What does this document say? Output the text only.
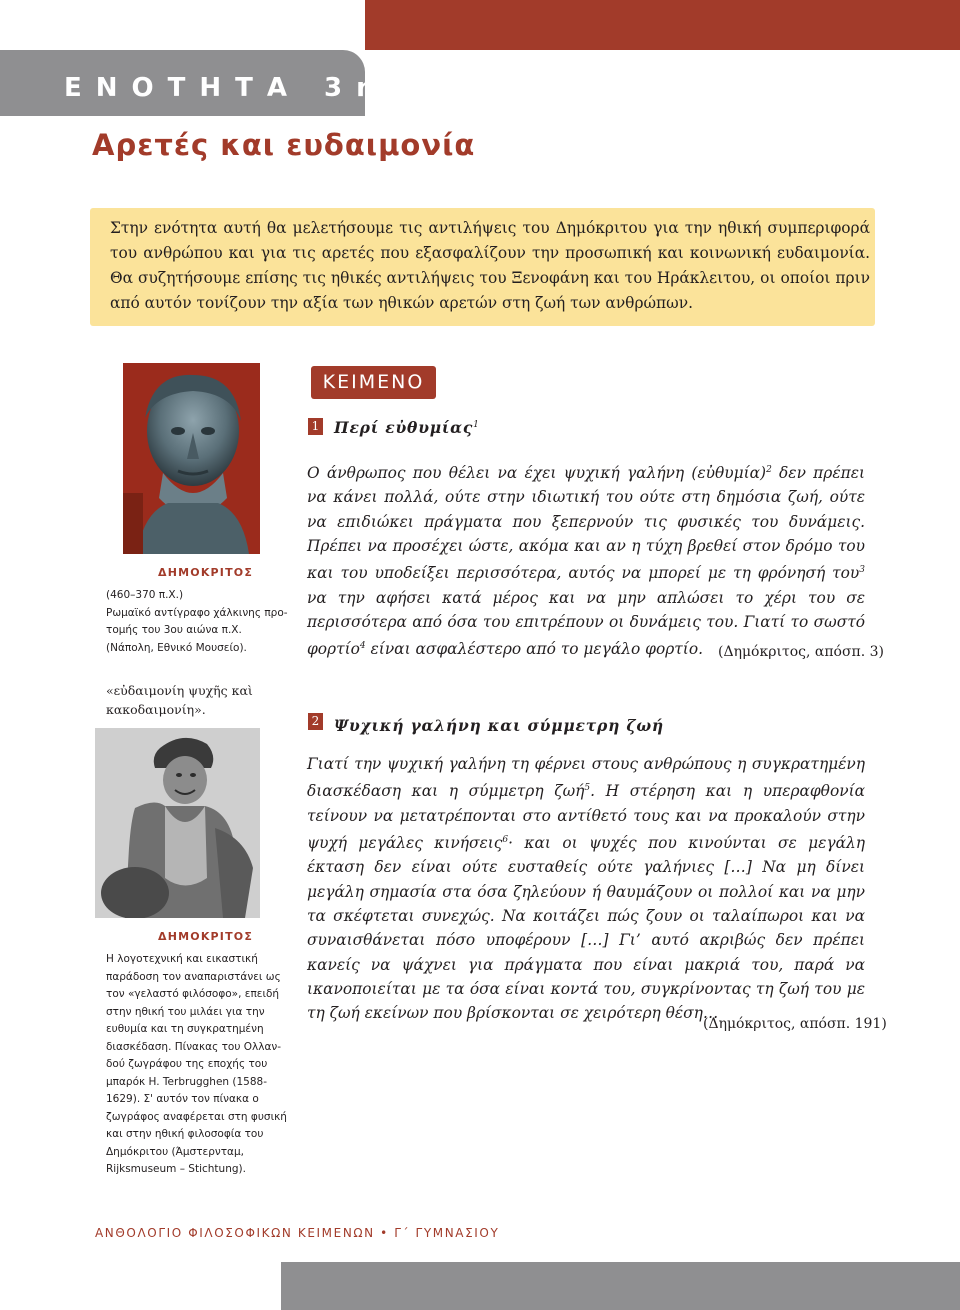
ΕΝΟΤΗΤΑ 3η
Αρετές και ευδαιμονία
Στην ενότητα αυτή θα μελετήσουμε τις αντιλήψεις του Δημόκριτου για την ηθική συμπεριφορά του ανθρώπου και για τις αρετές που εξασφαλίζουν την προσωπική και κοινωνική ευδαιμονία. Θα συζητήσουμε επίσης τις ηθικές αντιλήψεις του Ξενοφάνη και του Ηράκλειτου, οι οποίοι πριν από αυτόν τονίζουν την αξία των ηθικών αρετών στη ζωή των ανθρώπων.
ΔΗΜΟΚΡΙΤΟΣ
(460–370 π.Χ.)
Ρωμαϊκό αντίγραφο χάλκινης προ-
τομής του 3ου αιώνα π.Χ.
(Νάπολη, Εθνικό Μουσείο).
«εὐδαιμονίη ψυχῆς καὶ κακοδαιμονίη».
ΔΗΜΟΚΡΙΤΟΣ
Η λογοτεχνική και εικαστική
παράδοση τον αναπαριστάνει ως
τον «γελαστό φιλόσοφο», επειδή
στην ηθική του μιλάει για την
ευθυμία και τη συγκρατημένη
διασκέδαση. Πίνακας του Ολλαν-
δού ζωγράφου της εποχής του
μπαρόκ H. Terbrugghen (1588-
1629). Σ' αυτόν τον πίνακα ο
ζωγράφος αναφέρεται στη φυσική
και στην ηθική φιλοσοφία του
Δημόκριτου (Άμστερνταμ,
Rijksmuseum – Stichtung).
ΚΕΙΜΕΝΟ
1 Περί εὐθυμίας$^1$
Ο άνθρωπος που θέλει να έχει ψυχική γαλήνη (εὐθυμία)$^2$ δεν πρέπει να κάνει πολλά, ούτε στην ιδιωτική του ούτε στη δημόσια ζωή, ούτε να επιδιώκει πράγματα που ξεπερνούν τις φυσικές του δυνάμεις. Πρέπει να προσέχει ώστε, ακόμα και αν η τύχη βρεθεί στον δρόμο του και του υποδείξει περισσότερα, αυτός να μπορεί με τη φρόνησή του$^3$ να την αφήσει κατά μέρος και να μην απλώσει το χέρι του σε περισσότερα από όσα του επιτρέπουν οι δυνάμεις του. Γιατί το σωστό φορτίο$^4$ είναι ασφαλέστερο από το μεγάλο φορτίο.	(Δημόκριτος, απόσπ. 3)
2 Ψυχική γαλήνη και σύμμετρη ζωή
Γιατί την ψυχική γαλήνη τη φέρνει στους ανθρώπους η συγκρατημένη διασκέδαση και η σύμμετρη ζωή$^5$. Η στέρηση και η υπεραφθονία τείνουν να μετατρέπονται στο αντίθετό τους και να προκαλούν στην ψυχή μεγάλες κινήσεις$^6$· και οι ψυχές που κινούνται σε μεγάλη έκταση δεν είναι ούτε ευσταθείς ούτε γαλήνιες […] Να μη δίνει μεγάλη σημασία στα όσα ζηλεύουν ή θαυμάζουν οι πολλοί και να μην τα σκέφτεται συνεχώς. Να κοιτάζει πώς ζουν οι ταλαίπωροι και να συναισθάνεται πόσο υποφέρουν […] Γι’ αυτό ακριβώς δεν πρέπει κανείς να ψάχνει για πράγματα που είναι μακριά του, παρά να ικανοποιείται με τα όσα είναι κοντά του, συγκρίνοντας τη ζωή του με τη ζωή εκείνων που βρίσκονται σε χειρότερη θέση…
(Δημόκριτος, απόσπ. 191)
ΑΝΘΟΛΟΓΙΟ ΦΙΛΟΣΟΦΙΚΩΝ ΚΕΙΜΕΝΩΝ • Γ΄ ΓΥΜΝΑΣΙΟΥ
